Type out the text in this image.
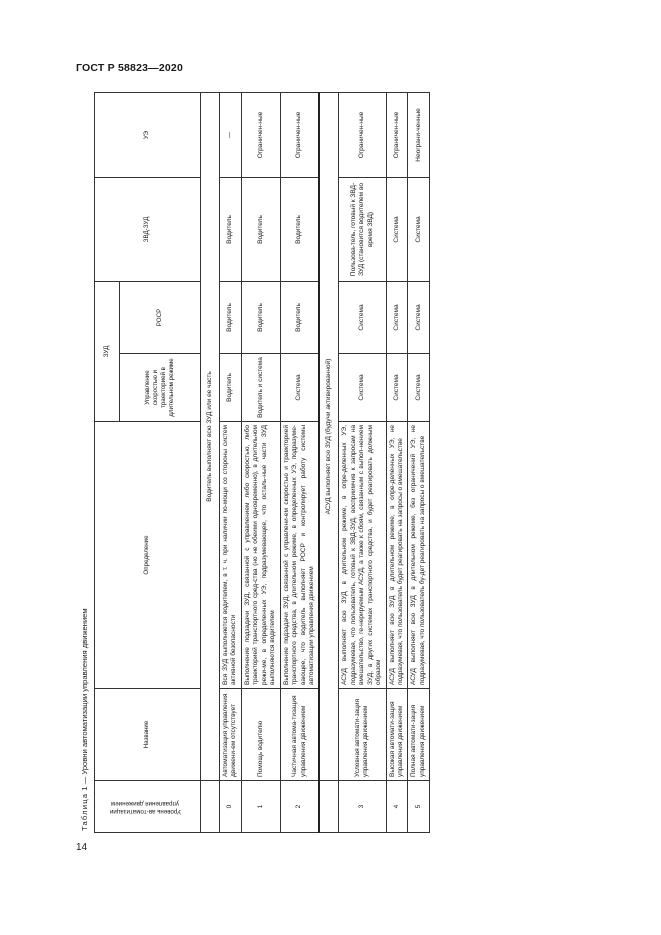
ГОСТ Р 58823—2020
Таблица 1 — Уровни автоматизации управления движением
Уровень ав-томатизации управления движением	Название	Определение	ЗУД		ЗВД-ЗУД	УЭ
			Управление скоростью и траекторией в длительном режиме	РОСР		
	Водитель выполняет всю ЗУД или ее часть					
0	Автоматизация управления движени-ем отсутствует	Вся ЗУД выполняется водителем, в т. ч. при наличии по-мощи со стороны систем активной безопасности	Водитель	Водитель	Водитель	—
1	Помощь водителю	Выполнение подзадачи ЗУД, связанной с управлением либо скоростью, либо траекторией транспортного сред-ства (но не обеими одновременно), в длительном режи-ме, в определенных УЭ, подразумевающее, что осталь-ные части ЗУД выполняются водителем	Водитель и система	Водитель	Водитель	Ограничен-ные
2	Частичная автома-тизация управления движением	Выполнение подзадачи ЗУД, связанной с управлени-ем скоростью и траекторией транспортного средства, в длительном режиме, в определенных УЭ, подразуме-вающее, что водитель выполняет РОСР и контролирует работу системы автоматизации управления движением	Система	Водитель	Водитель	Ограничен-ные
	АСУД выполняет всю ЗУД (будучи активированной)					
3	Условная автомати-зация управления движением	АСУД выполняет всю ЗУД в длительном режиме, в опре-деленных УЭ, подразумевая, что пользователь, готовый к ЗВД-ЗУД, восприимчив к запросам на вмешательство, ге-нерируемым АСУД, а также к сбоям, связанным с выпол-нением ЗУД, в других системах транспортного средства, и будет реагировать должным образом	Система	Система	Пользова-тель, готовый к ЗВД-ЗУД (становится водителем во время ЗВД)	Ограничен-ные
4	Высокая автомати-зация управления движением	АСУД выполняет всю ЗУД в длительном режиме, в опре-деленных УЭ, не подразумевая, что пользователь будет реагировать на запросы о вмешательстве	Система	Система	Система	Ограничен-ные
5	Полная автомати-зация управления движением	АСУД выполняет всю ЗУД в длительном режиме, без ограничений УЭ, не подразумевая, что пользователь бу-дет реагировать на запросы о вмешательстве	Система	Система	Система	Неограни-ченные
14
